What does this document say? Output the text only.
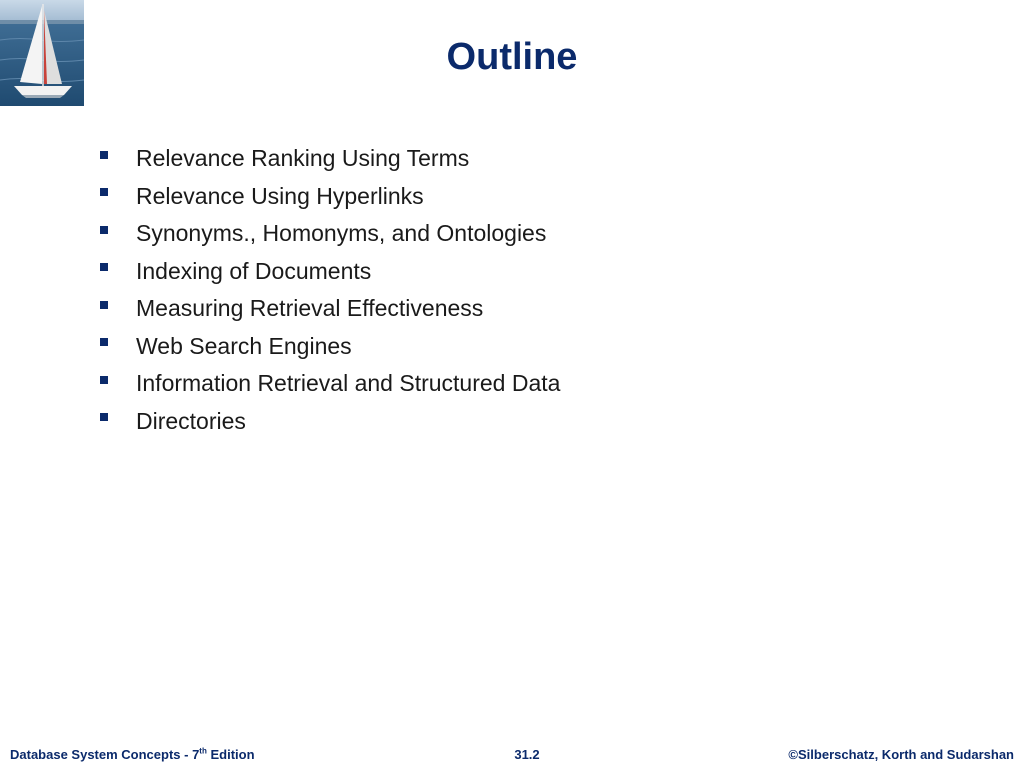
Outline
Relevance Ranking Using Terms
Relevance Using Hyperlinks
Synonyms., Homonyms, and Ontologies
Indexing of Documents
Measuring Retrieval Effectiveness
Web Search Engines
Information Retrieval and Structured Data
Directories
Database System Concepts - 7th Edition	31.2	©Silberschatz, Korth and Sudarshan
